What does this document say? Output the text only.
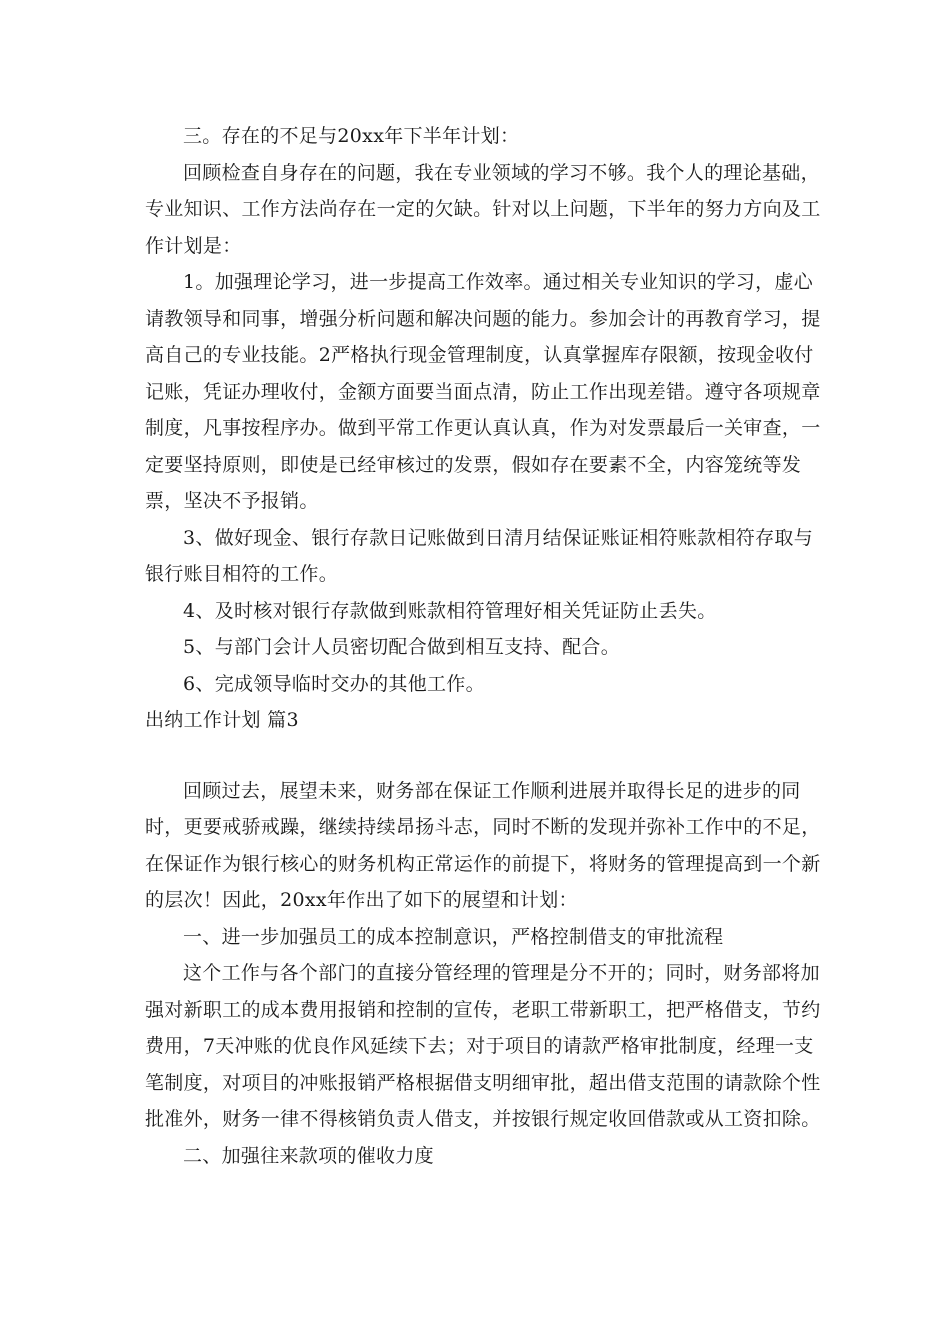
三。存在的不足与20xx年下半年计划：

回顾检查自身存在的问题，我在专业领域的学习不够。我个人的理论基础，专业知识、工作方法尚存在一定的欠缺。针对以上问题，下半年的努力方向及工作计划是：

1。加强理论学习，进一步提高工作效率。通过相关专业知识的学习，虚心请教领导和同事，增强分析问题和解决问题的能力。参加会计的再教育学习，提高自己的专业技能。2严格执行现金管理制度，认真掌握库存限额，按现金收付记账，凭证办理收付，金额方面要当面点清，防止工作出现差错。遵守各项规章制度，凡事按程序办。做到平常工作更认真认真，作为对发票最后一关审查，一定要坚持原则，即使是已经审核过的发票，假如存在要素不全，内容笼统等发票，坚决不予报销。

3、做好现金、银行存款日记账做到日清月结保证账证相符账款相符存取与银行账目相符的工作。

4、及时核对银行存款做到账款相符管理好相关凭证防止丢失。

5、与部门会计人员密切配合做到相互支持、配合。

6、完成领导临时交办的其他工作。

出纳工作计划 篇3

回顾过去，展望未来，财务部在保证工作顺利进展并取得长足的进步的同时，更要戒骄戒躁，继续持续昂扬斗志，同时不断的发现并弥补工作中的不足，在保证作为银行核心的财务机构正常运作的前提下，将财务的管理提高到一个新的层次！因此，20xx年作出了如下的展望和计划：

一、进一步加强员工的成本控制意识，严格控制借支的审批流程

这个工作与各个部门的直接分管经理的管理是分不开的；同时，财务部将加强对新职工的成本费用报销和控制的宣传，老职工带新职工，把严格借支，节约费用，7天冲账的优良作风延续下去；对于项目的请款严格审批制度，经理一支笔制度，对项目的冲账报销严格根据借支明细审批，超出借支范围的请款除个性批准外，财务一律不得核销负责人借支，并按银行规定收回借款或从工资扣除。

二、加强往来款项的催收力度
